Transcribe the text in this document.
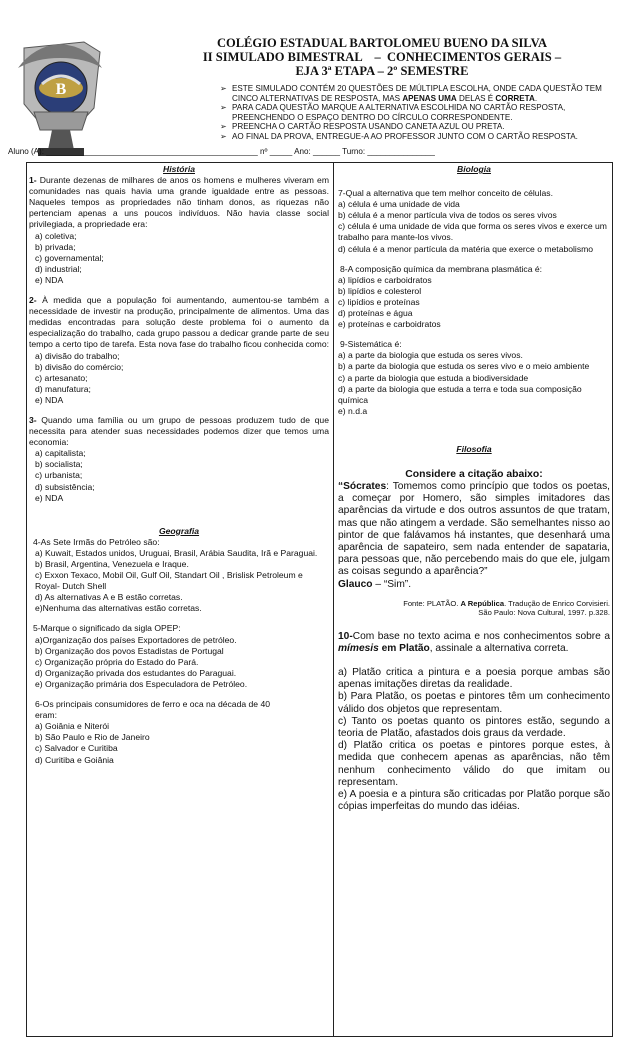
B
COLÉGIO ESTADUAL BARTOLOMEU BUENO DA SILVA
II SIMULADO BIMESTRAL    –  CONHECIMENTOS GERAIS –
EJA 3ª ETAPA – 2º SEMESTRE
➢ ESTE SIMULADO CONTÉM 20 QUESTÕES DE MÚLTIPLA ESCOLHA, ONDE CADA QUESTÃO TEM CINCO ALTERNATIVAS DE RESPOSTA, MAS APENAS UMA DELAS É CORRETA.
➢ PARA CADA QUESTÃO MARQUE A ALTERNATIVA ESCOLHIDA NO CARTÃO RESPOSTA, PREENCHENDO O ESPAÇO DENTRO DO CÍRCULO CORRESPONDENTE.
➢ PREENCHA O CARTÃO RESPOSTA USANDO CANETA AZUL OU PRETA.
➢ AO FINAL DA PROVA, ENTREGUE-A AO PROFESSOR JUNTO COM O CARTÃO RESPOSTA.
Aluno (A): _______________________________________________ nº _____ Ano: ______ Turno: _______________
História
1- Durante dezenas de milhares de anos os homens e mulheres viveram em comunidades nas quais havia uma grande igualdade entre as pessoas. Naqueles tempos as propriedades não tinham donos, as riquezas não pertenciam apenas a uns poucos indivíduos. Não havia classe social privilegiada, a propriedade era:
a) coletiva;
b) privada;
c) governamental;
d) industrial;
e) NDA
2- À medida que a população foi aumentando, aumentou-se também a necessidade de investir na produção, principalmente de alimentos. Uma das medidas encontradas para solução deste problema foi o aumento da especialização do trabalho, cada grupo passou a dedicar grande parte de seu tempo a certo tipo de tarefa. Esta nova fase do trabalho ficou conhecida como:
a) divisão do trabalho;
b) divisão do comércio;
c) artesanato;
d) manufatura;
e) NDA
3- Quando uma família ou um grupo de pessoas produzem tudo de que necessita para atender suas necessidades podemos dizer que temos uma economia:
a) capitalista;
b) socialista;
c) urbanista;
d) subsistência;
e) NDA
Geografia
4-As Sete Irmãs do Petróleo são:
a) Kuwait, Estados unidos, Uruguai, Brasil, Arábia Saudita, Irã e Paraguai.
b) Brasil, Argentina, Venezuela e Iraque.
c) Exxon Texaco, Mobil Oil, Gulf Oil, Standart Oil , Brislisk Petroleum e Royal- Dutch Shell
d) As alternativas A e B estão corretas.
e)Nenhuma das alternativas estão corretas.
5-Marque o significado da sigla OPEP:
a)Organização dos países Exportadores de petróleo.
b) Organização dos povos Estadistas de Portugal
c) Organização própria do Estado do Pará.
d) Organização privada dos estudantes do Paraguai.
e) Organização primária dos Especuladora de Petróleo.
6-Os principais consumidores de ferro e oca na década de 40 eram:
a) Goiânia e Niterói
b) São Paulo e Rio de Janeiro
c) Salvador e Curitiba
d) Curitiba e Goiânia
Biologia
7-Qual a alternativa que tem melhor conceito de células.
a) célula é uma unidade de vida
b) célula é a menor partícula viva de todos os seres vivos
c) célula é uma unidade de vida que forma os seres vivos e exerce um trabalho para mante-los vivos.
d) célula é a menor partícula da matéria que exerce o metabolismo
8-A composição química da membrana plasmática é:
a) lipídios e carboidratos
b) lipídios e colesterol
c) lipídios e proteínas
d) proteínas e água
e) proteínas e carboidratos
9-Sistemática é:
a) a parte da biologia que estuda os seres vivos.
b) a parte da biologia que estuda os seres vivo e o meio ambiente
c) a parte da biologia que estuda a biodiversidade
d) a parte da biologia que estuda a terra e toda sua composição química
e) n.d.a
Filosofia
Considere a citação abaixo:
“Sócrates: Tomemos como princípio que todos os poetas, a começar por Homero, são simples imitadores das aparências da virtude e dos outros assuntos de que tratam, mas que não atingem a verdade. São semelhantes nisso ao pintor de que falávamos há instantes, que desenhará uma aparência de sapateiro, sem nada entender de sapataria, para pessoas que, não percebendo mais do que ele, julgam as coisas segundo a aparência?”
Glauco – “Sim”.
Fonte: PLATÃO. A República. Tradução de Enrico Corvisieri.
São Paulo: Nova Cultural, 1997. p.328.
10-Com base no texto acima e nos conhecimentos sobre a mímesis em Platão, assinale a alternativa correta.
a) Platão critica a pintura e a poesia porque ambas são apenas imitações diretas da realidade.
b) Para Platão, os poetas e pintores têm um conhecimento válido dos objetos que representam.
c) Tanto os poetas quanto os pintores estão, segundo a teoria de Platão, afastados dois graus da verdade.
d) Platão critica os poetas e pintores porque estes, à medida que conhecem apenas as aparências, não têm nenhum conhecimento válido do que imitam ou representam.
e) A poesia e a pintura são criticadas por Platão porque são cópias imperfeitas do mundo das idéias.
